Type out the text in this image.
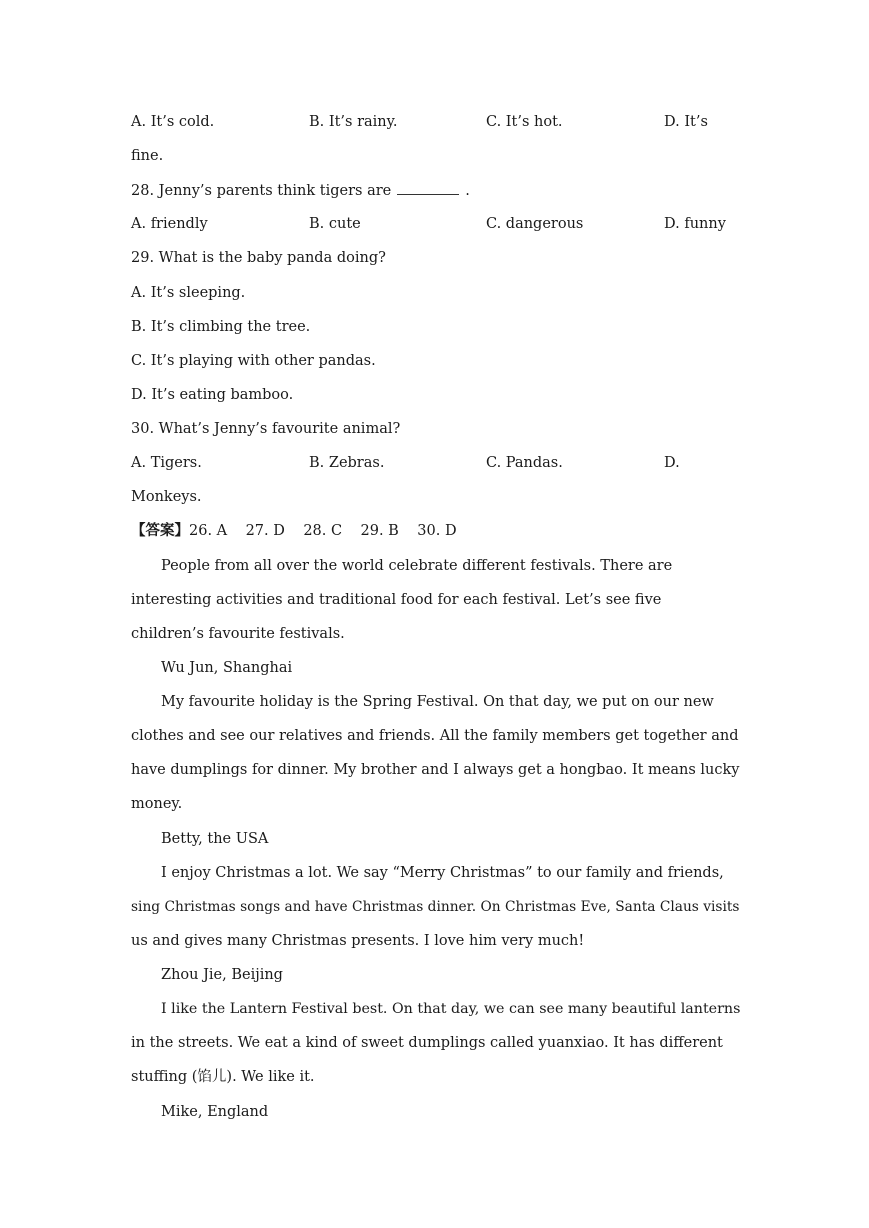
A. It’s cold.	B. It’s rainy.	C. It’s hot.	D. It’s
fine.
28. Jenny’s parents think tigers are	.
A. friendly	B. cute	C. dangerous	D. funny
29. What is the baby panda doing?
A. It’s sleeping.
B. It’s climbing the tree.
C. It’s playing with other pandas.
D. It’s eating bamboo.
30. What’s Jenny’s favourite animal?
A. Tigers.	B. Zebras.	C. Pandas.	D.
Monkeys.
【答案】26. A 27. D 28. C 29. B 30. D
People from all over the world celebrate different festivals. There are
interesting activities and traditional food for each festival. Let’s see five
children’s favourite festivals.
Wu Jun, Shanghai
My favourite holiday is the Spring Festival. On that day, we put on our new
clothes and see our relatives and friends. All the family members get together and
have dumplings for dinner. My brother and I always get a hongbao. It means lucky
money.
Betty, the USA
I enjoy Christmas a lot. We say “Merry Christmas” to our family and friends,
sing Christmas songs and have Christmas dinner. On Christmas Eve, Santa Claus visits
us and gives many Christmas presents. I love him very much!
Zhou Jie, Beijing
I like the Lantern Festival best. On that day, we can see many beautiful lanterns
in the streets. We eat a kind of sweet dumplings called yuanxiao. It has different
stuffing (馅儿). We like it.
Mike, England
